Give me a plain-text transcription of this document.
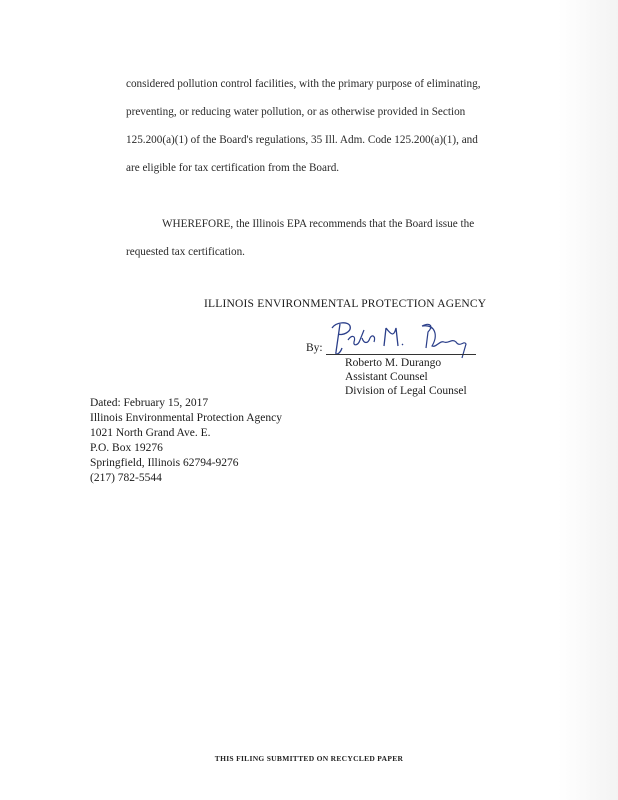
considered pollution control facilities, with the primary purpose of eliminating,
preventing, or reducing water pollution, or as otherwise provided in Section
125.200(a)(1) of the Board's regulations, 35 Ill. Adm. Code 125.200(a)(1), and
are eligible for tax certification from the Board.
WHEREFORE, the Illinois EPA recommends that the Board issue the
requested tax certification.
ILLINOIS ENVIRONMENTAL PROTECTION AGENCY
By:
Roberto M. Durango
Assistant Counsel
Division of Legal Counsel
Dated: February 15, 2017
Illinois Environmental Protection Agency
1021 North Grand Ave. E.
P.O. Box 19276
Springfield, Illinois 62794-9276
(217) 782-5544
THIS FILING SUBMITTED ON RECYCLED PAPER
